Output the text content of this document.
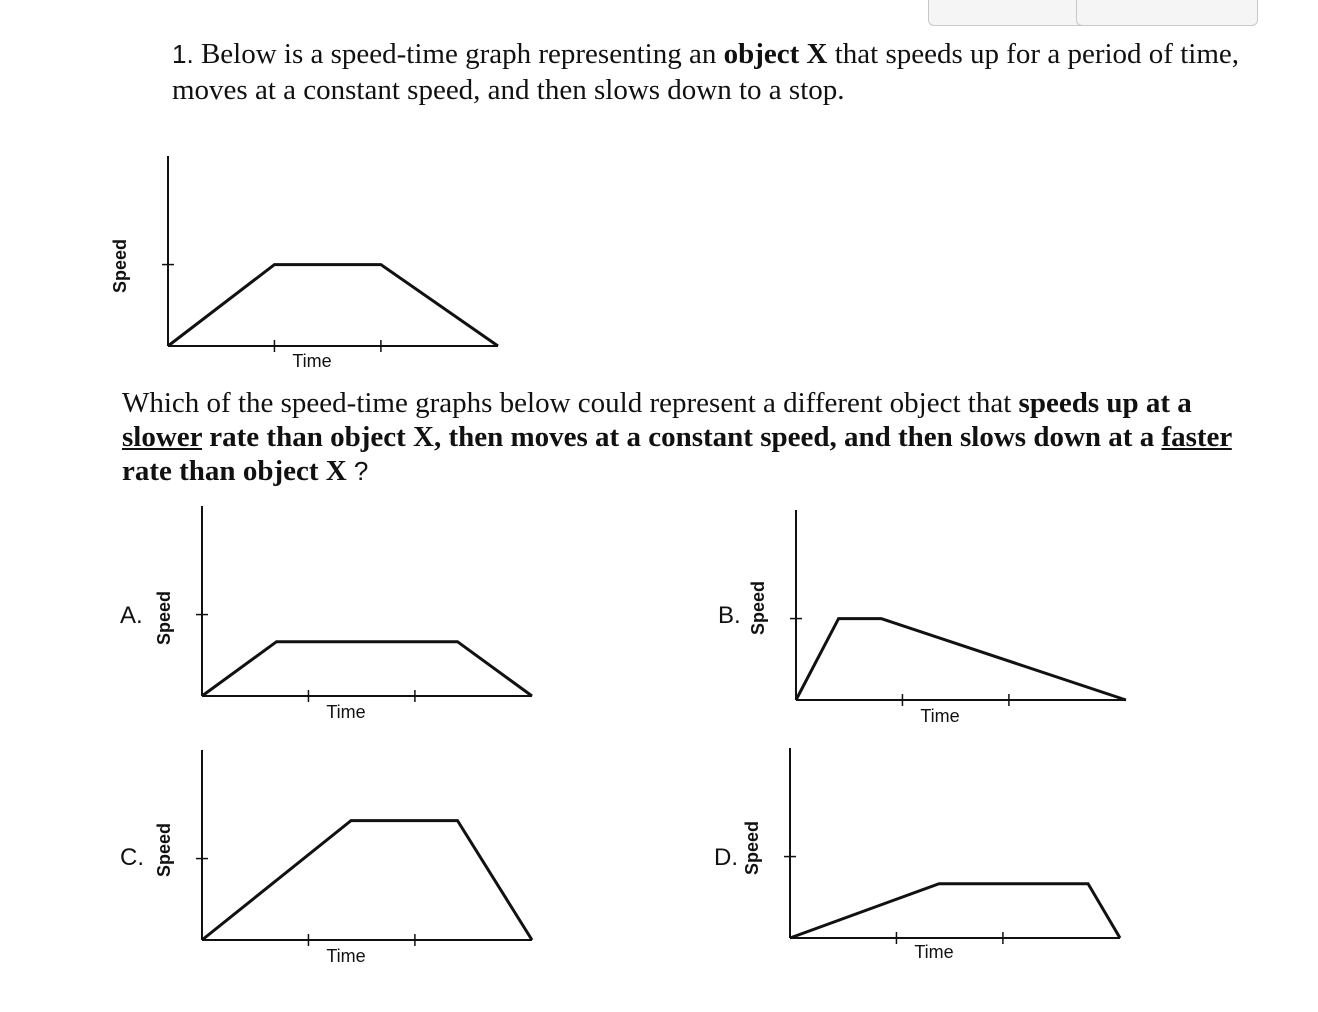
1. Below is a speed-time graph representing an object X that speeds up for a period of time, moves at a constant speed, and then slows down to a stop.
Which of the speed-time graphs below could represent a different object that speeds up at a slower rate than object X, then moves at a constant speed, and then slows down at a faster rate than object X ?
A.	B.
C.	D.
Time
Speed
Time
Speed
Time
Speed
Time
Speed
Time
Speed
